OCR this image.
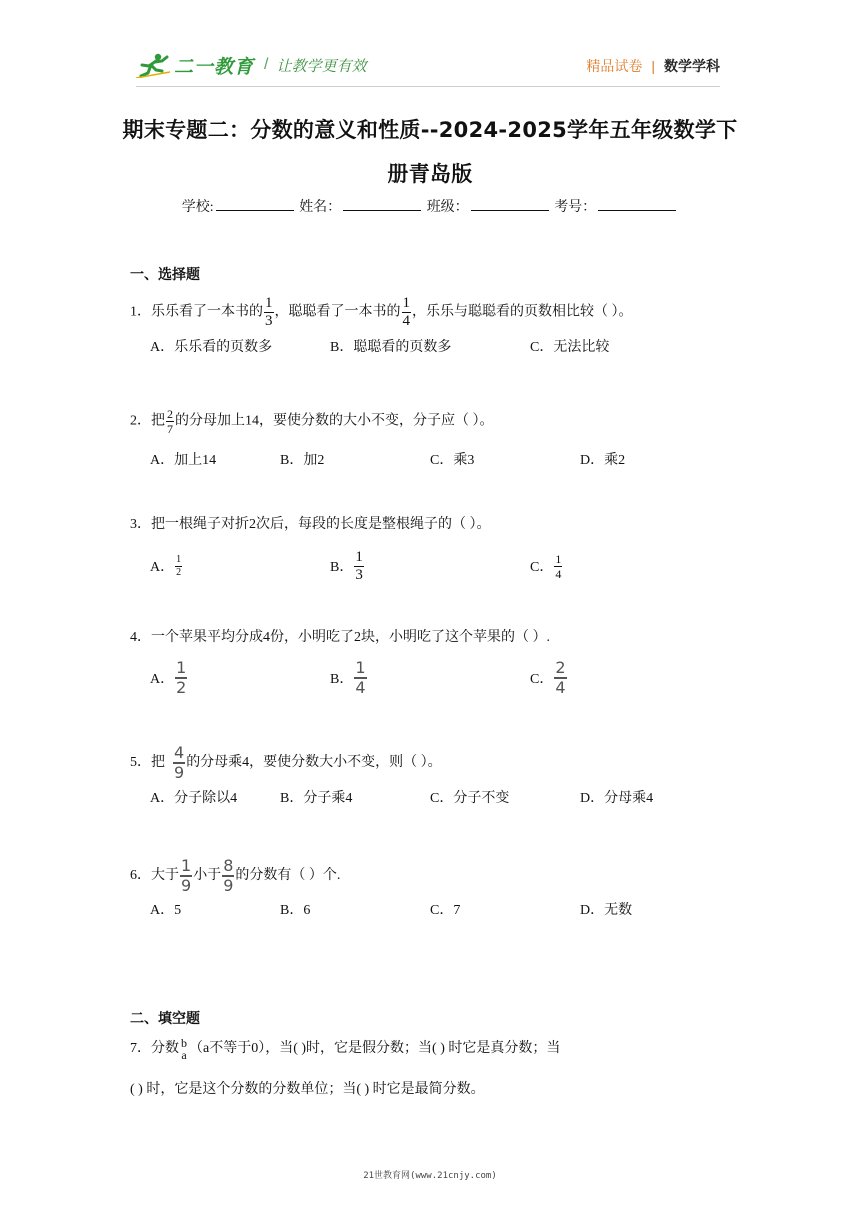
二一教育 / 让教学更有效	精品试卷 | 数学学科
期末专题二：分数的意义和性质--2024-2025学年五年级数学下
册青岛版
学校:	姓名：	班级：	考号：
一、选择题
1．乐乐看了一本书的 $\frac{1}{3}$ ，聪聪看了一本书的 $\frac{1}{4}$ ，乐乐与聪聪看的页数相比较（ ）。
A．乐乐看的页数多	B．聪聪看的页数多	C．无法比较
2．把 $\frac{2}{7}$ 的分母加上14，要使分数的大小不变，分子应（ ）。
A．加上14	B．加2	C．乘3	D．乘2
3．把一根绳子对折2次后，每段的长度是整根绳子的（ ）。
A． $\frac{1}{2}$	B． $\frac{1}{3}$	C． $\frac{1}{4}$
4．一个苹果平均分成4份，小明吃了2块，小明吃了这个苹果的（ ）.
A． $\frac{1}{2}$	B． $\frac{1}{4}$	C． $\frac{2}{4}$
5．把 $\frac{4}{9}$ 的分母乘4，要使分数大小不变，则（ ）。
A．分子除以4	B．分子乘4	C．分子不变	D．分母乘4
6．大于 $\frac{1}{9}$ 小于 $\frac{8}{9}$ 的分数有（ ）个.
A．5	B．6	C．7	D．无数
二、填空题
7．分数 b
a （a不等于0），当( )时，它是假分数；当( ) 时它是真分数；当
( ) 时，它是这个分数的分数单位；当( ) 时它是最简分数。
21世教育网(www.21cnjy.com)
